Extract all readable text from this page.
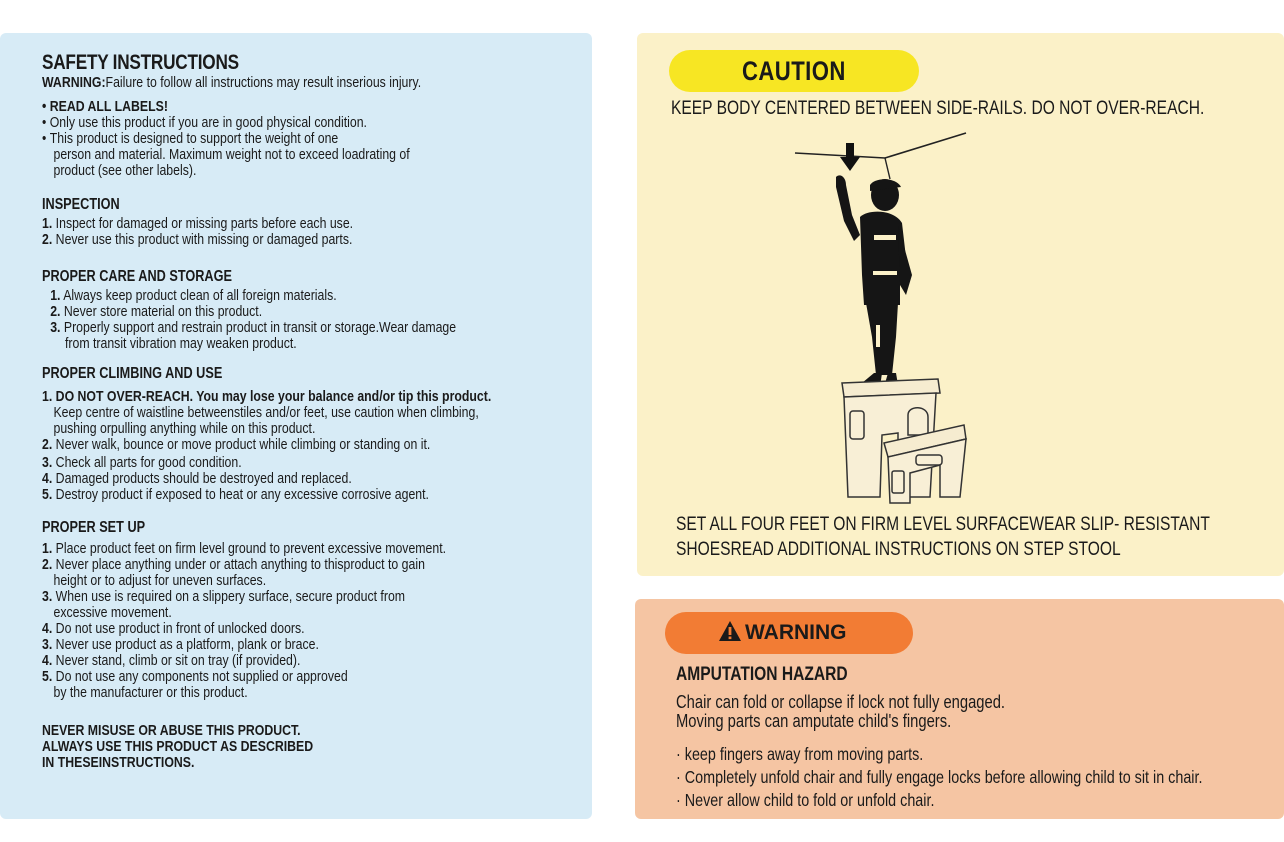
SAFETY INSTRUCTIONS

WARNING:Failure to follow all instructions may result inserious injury.
• READ ALL LABELS!
• Only use this product if you are in good physical condition.
• This product is designed to support the weight of one
person and material. Maximum weight not to exceed loadrating of
product (see other labels).
INSPECTION
1. Inspect for damaged or missing parts before each use.
2. Never use this product with missing or damaged parts.
PROPER CARE AND STORAGE
1. Always keep product clean of all foreign materials.
2. Never store material on this product.
3. Properly support and restrain product in transit or storage.Wear damage
from transit vibration may weaken product.
PROPER CLIMBING AND USE
1. DO NOT OVER-REACH. You may lose your balance and/or tip this product.
Keep centre of waistline betweenstiles and/or feet, use caution when climbing,
pushing orpulling anything while on this product.
2. Never walk, bounce or move product while climbing or standing on it.
3. Check all parts for good condition.
4. Damaged products should be destroyed and replaced.
5. Destroy product if exposed to heat or any excessive corrosive agent.
PROPER SET UP
1. Place product feet on firm level ground to prevent excessive movement.
2. Never place anything under or attach anything to thisproduct to gain
height or to adjust for uneven surfaces.
3. When use is required on a slippery surface, secure product from
excessive movement.
4. Do not use product in front of unlocked doors.
3. Never use product as a platform, plank or brace.
4. Never stand, climb or sit on tray (if provided).
5. Do not use any components not supplied or approved
by the manufacturer or this product.
NEVER MISUSE OR ABUSE THIS PRODUCT.
ALWAYS USE THIS PRODUCT AS DESCRIBED
IN THESEINSTRUCTIONS.
CAUTION
KEEP BODY CENTERED BETWEEN SIDE-RAILS. DO NOT OVER-REACH.
SET ALL FOUR FEET ON FIRM LEVEL SURFACEWEAR SLIP- RESISTANT
SHOESREAD ADDITIONAL INSTRUCTIONS ON STEP STOOL
WARNING
AMPUTATION HAZARD
Chair can fold or collapse if lock not fully engaged.
Moving parts can amputate child's fingers.
· keep fingers away from moving parts.
· Completely unfold chair and fully engage locks before allowing child to sit in chair.
· Never allow child to fold or unfold chair.
